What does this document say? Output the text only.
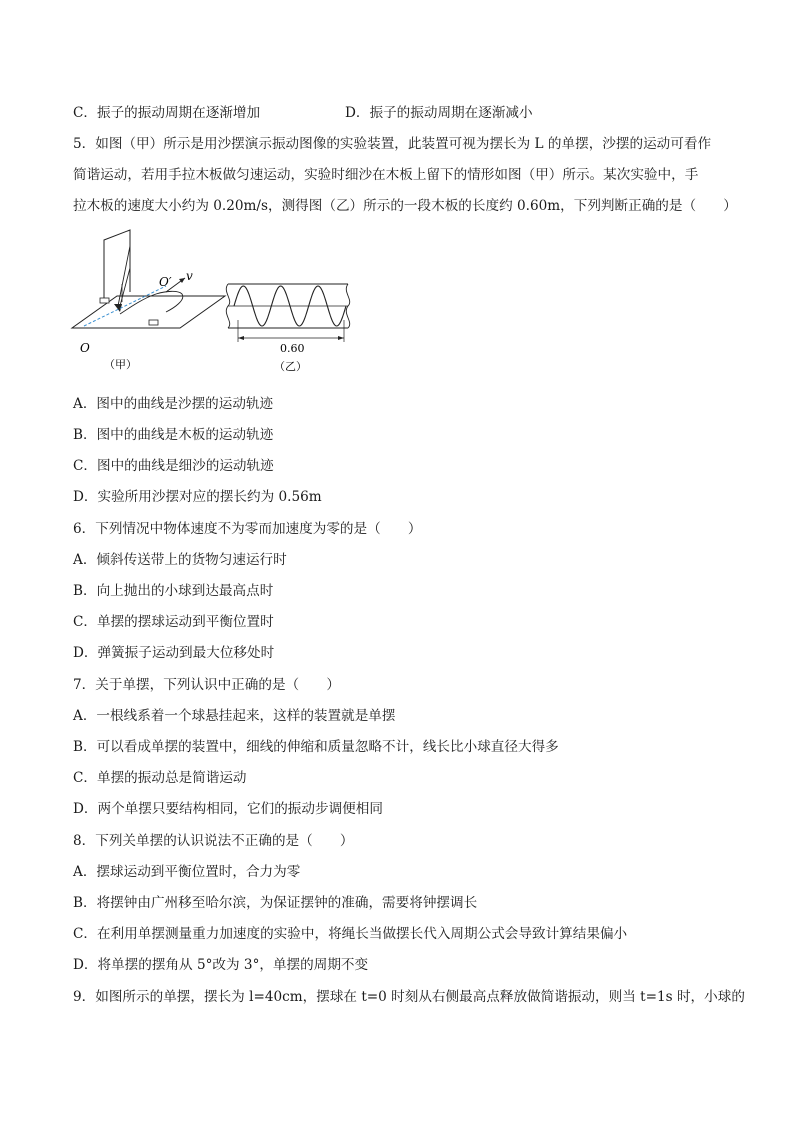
C．振子的振动周期在逐渐增加	D．振子的振动周期在逐渐减小
5．如图（甲）所示是用沙摆演示振动图像的实验装置，此装置可视为摆长为 L 的单摆，沙摆的运动可看作
简谐运动，若用手拉木板做匀速运动，实验时细沙在木板上留下的情形如图（甲）所示。某次实验中，手
拉木板的速度大小约为 0.20m/s，测得图（乙）所示的一段木板的长度约 0.60m，下列判断正确的是（　　）
O′ v
O
（甲）
0.60
（乙）
A．图中的曲线是沙摆的运动轨迹
B．图中的曲线是木板的运动轨迹
C．图中的曲线是细沙的运动轨迹
D．实验所用沙摆对应的摆长约为 0.56m
6．下列情况中物体速度不为零而加速度为零的是（　　）
A．倾斜传送带上的货物匀速运行时
B．向上抛出的小球到达最高点时
C．单摆的摆球运动到平衡位置时
D．弹簧振子运动到最大位移处时
7．关于单摆，下列认识中正确的是（　　）
A．一根线系着一个球悬挂起来，这样的装置就是单摆
B．可以看成单摆的装置中，细线的伸缩和质量忽略不计，线长比小球直径大得多
C．单摆的振动总是简谐运动
D．两个单摆只要结构相同，它们的振动步调便相同
8．下列关单摆的认识说法不正确的是（　　）
A．摆球运动到平衡位置时，合力为零
B．将摆钟由广州移至哈尔滨，为保证摆钟的准确，需要将钟摆调长
C．在利用单摆测量重力加速度的实验中，将绳长当做摆长代入周期公式会导致计算结果偏小
D．将单摆的摆角从 5°改为 3°，单摆的周期不变
9．如图所示的单摆，摆长为 l=40cm，摆球在 t=0 时刻从右侧最高点释放做简谐振动，则当 t=1s 时，小球的
